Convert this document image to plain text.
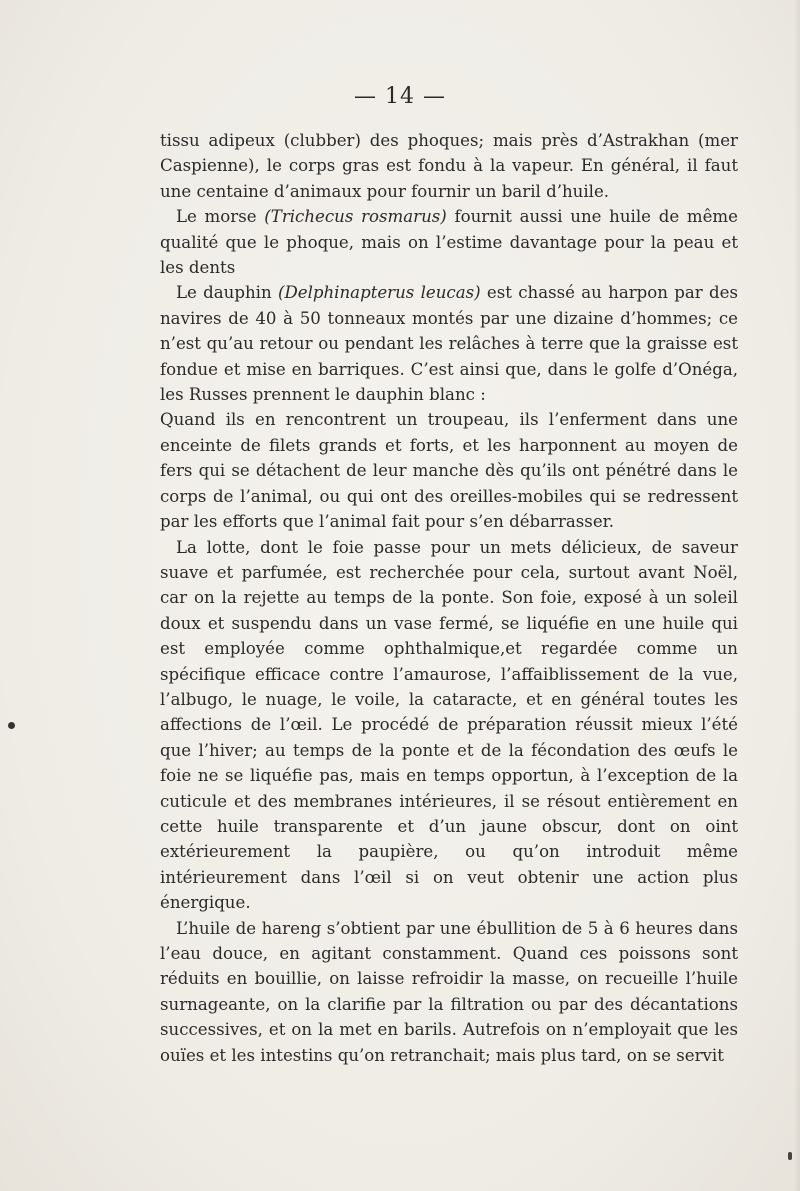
— 14 —

tissu adipeux (clubber) des phoques; mais près d’Astrakhan (mer Caspienne), le corps gras est fondu à la vapeur. En général, il faut une centaine d’animaux pour fournir un baril d’huile.

Le morse (Trichecus rosmarus) fournit aussi une huile de même qualité que le phoque, mais on l’estime davantage pour la peau et les dents

Le dauphin (Delphinapterus leucas) est chassé au harpon par des navires de 40 à 50 tonneaux montés par une dizaine d’hommes; ce n’est qu’au retour ou pendant les relâches à terre que la graisse est fondue et mise en barriques. C’est ainsi que, dans le golfe d’Onéga, les Russes prennent le dauphin blanc :

Quand ils en rencontrent un troupeau, ils l’enferment dans une enceinte de filets grands et forts, et les harponnent au moyen de fers qui se détachent de leur manche dès qu’ils ont pénétré dans le corps de l’animal, ou qui ont des oreilles-mobiles qui se redressent par les efforts que l’animal fait pour s’en débarrasser.

La lotte, dont le foie passe pour un mets délicieux, de saveur suave et parfumée, est recherchée pour cela, surtout avant Noël, car on la rejette au temps de la ponte. Son foie, exposé à un soleil doux et suspendu dans un vase fermé, se liquéfie en une huile qui est employée comme ophthalmique,et regardée comme un spécifique efficace contre l’amaurose, l’affaiblissement de la vue, l’albugo, le nuage, le voile, la cataracte, et en général toutes les affections de l’œil. Le procédé de préparation réussit mieux l’été que l’hiver; au temps de la ponte et de la fécondation des œufs le foie ne se liquéfie pas, mais en temps opportun, à l’exception de la cuticule et des membranes intérieures, il se résout entièrement en cette huile transparente et d’un jaune obscur, dont on oint extérieurement la paupière, ou qu’on introduit même intérieurement dans l’œil si on veut obtenir une action plus énergique.

L’huile de hareng s’obtient par une ébullition de 5 à 6 heures dans l’eau douce, en agitant constamment. Quand ces poissons sont réduits en bouillie, on laisse refroidir la masse, on recueille l’huile surnageante, on la clarifie par la filtration ou par des décantations successives, et on la met en barils. Autrefois on n’employait que les ouïes et les intestins qu’on retranchait; mais plus tard, on se servit
